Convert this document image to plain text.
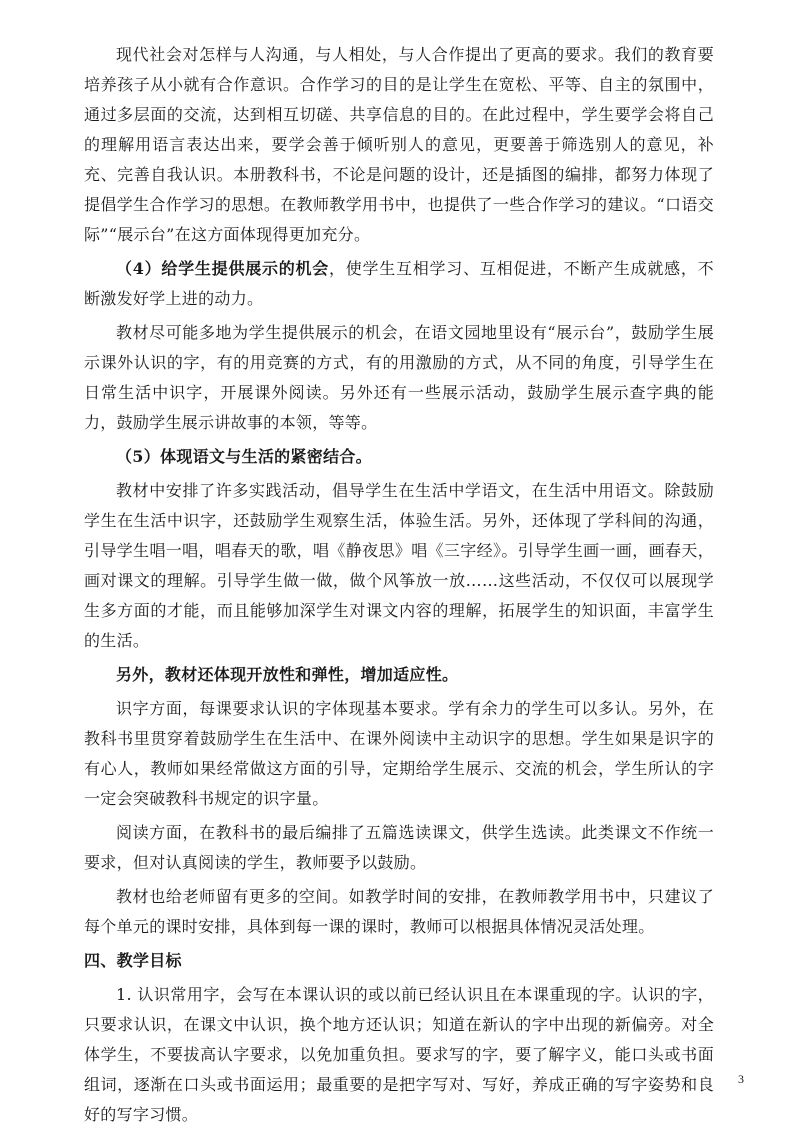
现代社会对怎样与人沟通，与人相处，与人合作提出了更高的要求。我们的教育要培养孩子从小就有合作意识。合作学习的目的是让学生在宽松、平等、自主的氛围中，通过多层面的交流，达到相互切磋、共享信息的目的。在此过程中，学生要学会将自己的理解用语言表达出来，要学会善于倾听别人的意见，更要善于筛选别人的意见，补充、完善自我认识。本册教科书，不论是问题的设计，还是插图的编排，都努力体现了提倡学生合作学习的思想。在教师教学用书中，也提供了一些合作学习的建议。“口语交际”“展示台”在这方面体现得更加充分。

（4）给学生提供展示的机会，使学生互相学习、互相促进，不断产生成就感，不断激发好学上进的动力。

教材尽可能多地为学生提供展示的机会，在语文园地里设有“展示台”，鼓励学生展示课外认识的字，有的用竞赛的方式，有的用激励的方式，从不同的角度，引导学生在日常生活中识字，开展课外阅读。另外还有一些展示活动，鼓励学生展示查字典的能力，鼓励学生展示讲故事的本领，等等。

（5）体现语文与生活的紧密结合。

教材中安排了许多实践活动，倡导学生在生活中学语文，在生活中用语文。除鼓励学生在生活中识字，还鼓励学生观察生活，体验生活。另外，还体现了学科间的沟通，引导学生唱一唱，唱春天的歌，唱《静夜思》唱《三字经》。引导学生画一画，画春天，画对课文的理解。引导学生做一做，做个风筝放一放……这些活动，不仅仅可以展现学生多方面的才能，而且能够加深学生对课文内容的理解，拓展学生的知识面，丰富学生的生活。

另外，教材还体现开放性和弹性，增加适应性。

识字方面，每课要求认识的字体现基本要求。学有余力的学生可以多认。另外，在教科书里贯穿着鼓励学生在生活中、在课外阅读中主动识字的思想。学生如果是识字的有心人，教师如果经常做这方面的引导，定期给学生展示、交流的机会，学生所认的字一定会突破教科书规定的识字量。

阅读方面，在教科书的最后编排了五篇选读课文，供学生选读。此类课文不作统一要求，但对认真阅读的学生，教师要予以鼓励。

教材也给老师留有更多的空间。如教学时间的安排，在教师教学用书中，只建议了每个单元的课时安排，具体到每一课的课时，教师可以根据具体情况灵活处理。

四、教学目标

1. 认识常用字，会写在本课认识的或以前已经认识且在本课重现的字。认识的字，只要求认识，在课文中认识，换个地方还认识；知道在新认的字中出现的新偏旁。对全体学生，不要拔高认字要求，以免加重负担。要求写的字，要了解字义，能口头或书面组词，逐渐在口头或书面运用；最重要的是把字写对、写好，养成正确的写字姿势和良好的写字习惯。

3
